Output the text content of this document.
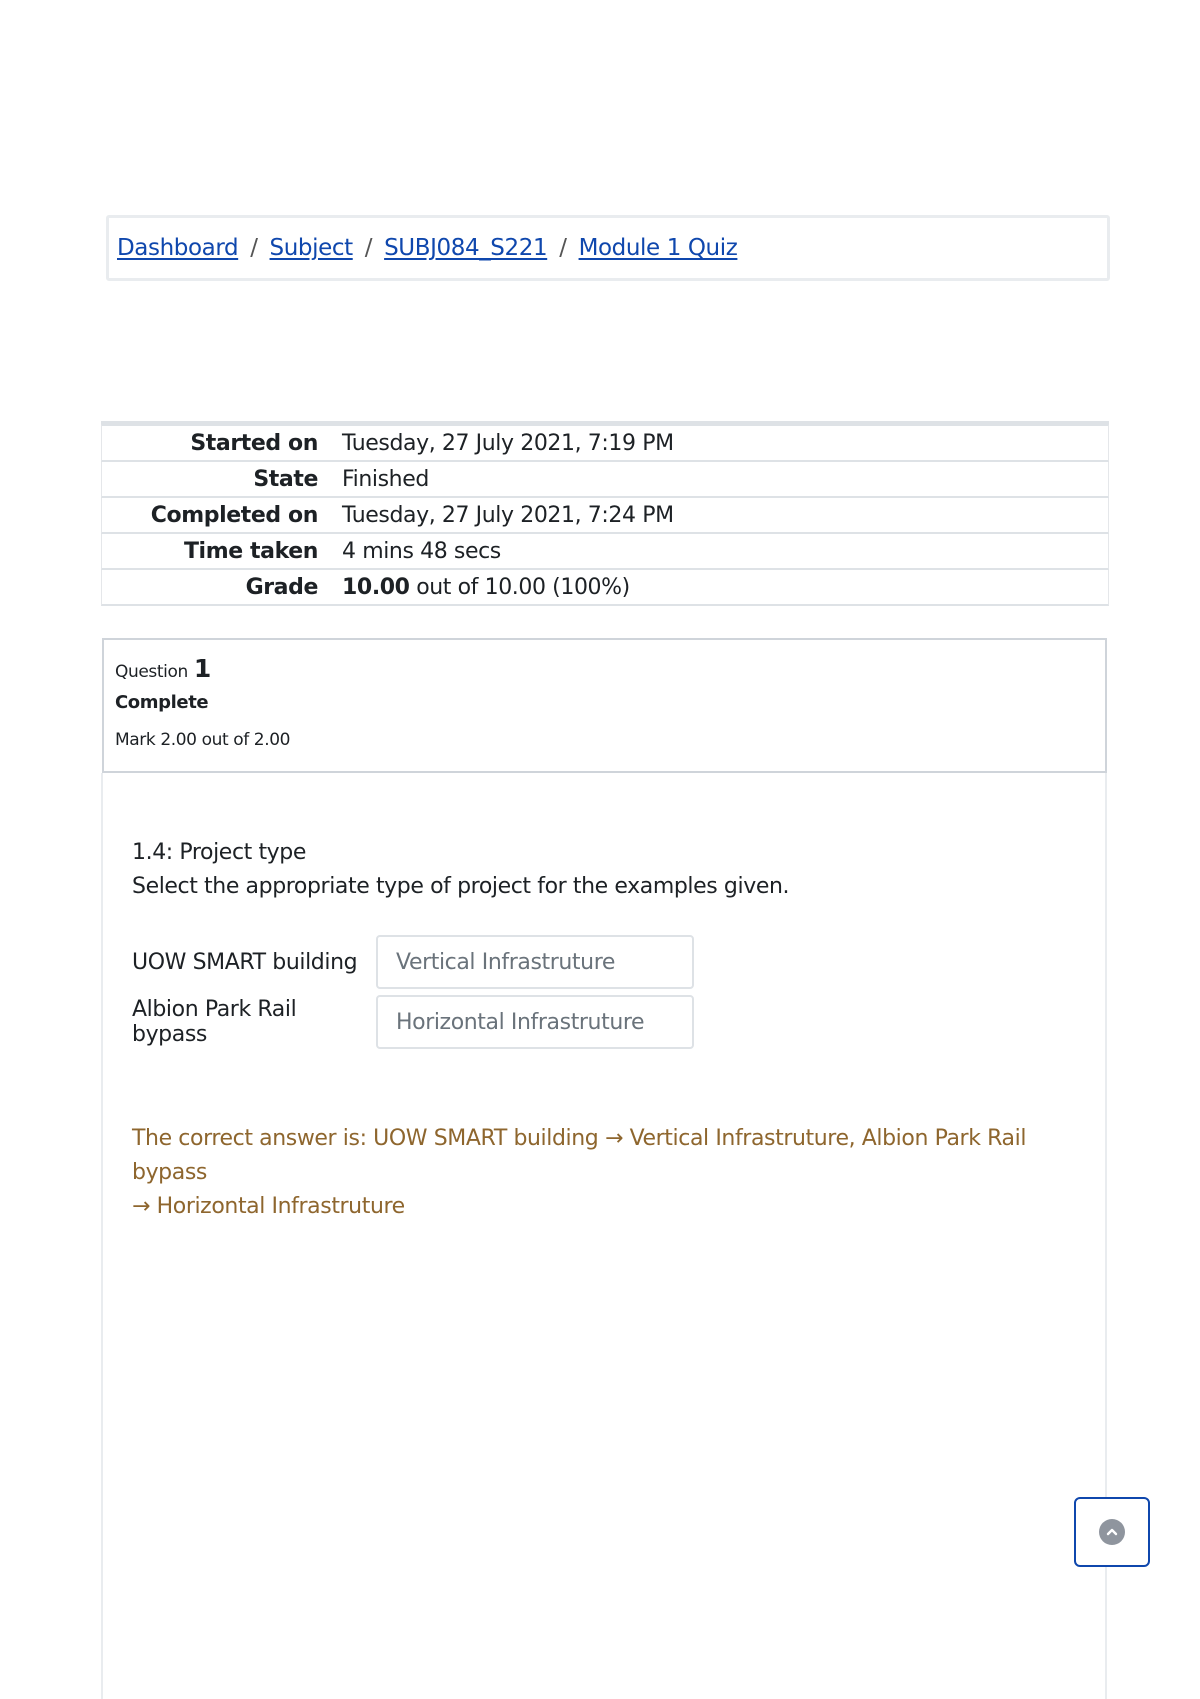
Dashboard / Subject / SUBJ084_S221 / Module 1 Quiz
Started on	Tuesday, 27 July 2021, 7:19 PM
State	Finished
Completed on	Tuesday, 27 July 2021, 7:24 PM
Time taken	4 mins 48 secs
Grade	10.00 out of 10.00 (100%)
Question 1
Complete
Mark 2.00 out of 2.00
1.4: Project type
Select the appropriate type of project for the examples given.
UOW SMART building	Vertical Infrastruture
Albion Park Rail bypass	Horizontal Infrastruture
The correct answer is: UOW SMART building → Vertical Infrastruture, Albion Park Rail bypass
→ Horizontal Infrastruture
